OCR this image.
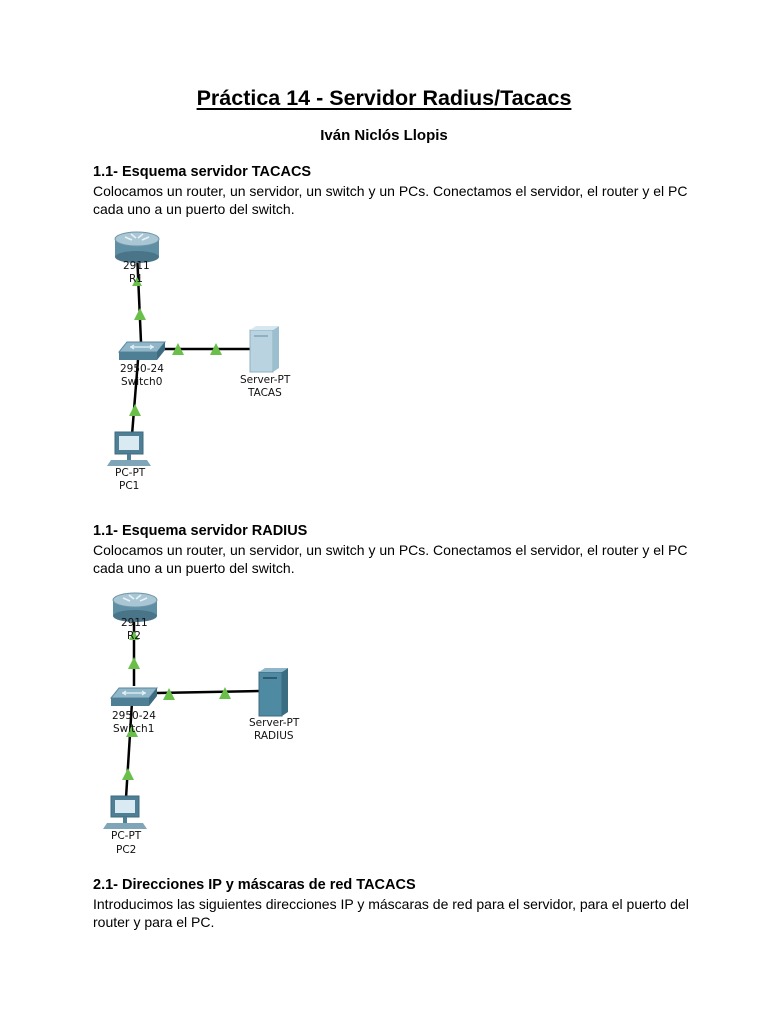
Práctica 14 - Servidor Radius/Tacacs
Iván Niclós Llopis
1.1- Esquema servidor TACACS
Colocamos un router, un servidor, un switch y un PCs. Conectamos el servidor, el router y el PC cada uno a un puerto del switch.
2911
R1
2950-24
Switch0	Server-PT
TACAS
PC-PT
PC1
1.1- Esquema servidor RADIUS
Colocamos un router, un servidor, un switch y un PCs. Conectamos el servidor, el router y el PC cada uno a un puerto del switch.
2911
R2
2950-24
Switch1	Server-PT
RADIUS
PC-PT
PC2
2.1- Direcciones IP y máscaras de red TACACS
Introducimos las siguientes direcciones IP y máscaras de red para el servidor, para el puerto del router y para el PC.
